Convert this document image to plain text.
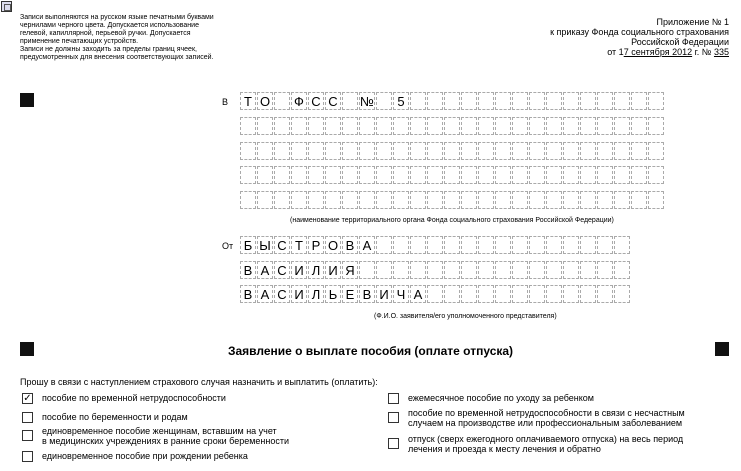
Записи выполняются на русском языке печатными буквами
чернилами черного цвета. Допускается использование
гелевой, капиллярной, перьевой ручки. Допускается
применение печатающих устройств.
Записи не должны заходить за пределы границ ячеек,
предусмотренных для внесения соответствующих записей.
Приложение № 1
к приказу Фонда социального страхования
Российской Федерации
от 17 сентября 2012 г. № 335
В	Т О Ф С С №	5
(наименование территориального органа Фонда социального страхования Российской Федерации)
От Б Ы С Т Р О В А
В А С И Л И Я
В А С И Л Ь Е В И Ч А
(Ф.И.О. заявителя/его уполномоченного представителя)
Заявление о выплате пособия (оплате отпуска)
Прошу в связи с наступлением страхового случая назначить и выплатить (оплатить):
✓ пособие по временной нетрудоспособности
пособие по беременности и родам
единовременное пособие женщинам, вставшим на учет
в медицинских учреждениях в ранние сроки беременности
единовременное пособие при рождении ребенка
ежемесячное пособие по уходу за ребенком
пособие по временной нетрудоспособности в связи с несчастным
случаем на производстве или профессиональным заболеванием
отпуск (сверх ежегодного оплачиваемого отпуска) на весь период
лечения и проезда к месту лечения и обратно
